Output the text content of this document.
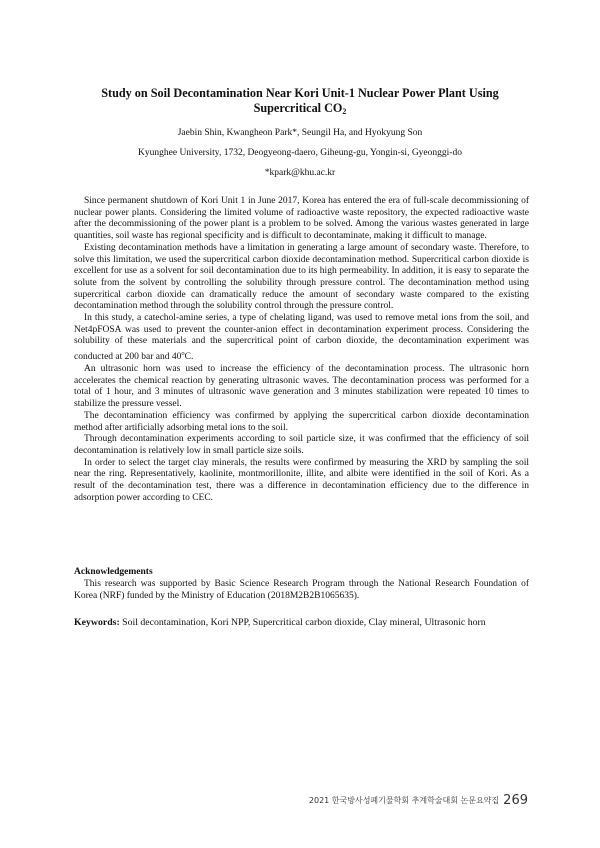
Study on Soil Decontamination Near Kori Unit-1 Nuclear Power Plant Using
Supercritical $CO_2$
Jaebin Shin, Kwangheon Park*, Seungil Ha, and Hyokyung Son
Kyunghee University, 1732, Deogyeong-daero, Giheung-gu, Yongin-si, Gyeonggi-do
*kpark@khu.ac.kr

Since permanent shutdown of Kori Unit 1 in June 2017, Korea has entered the era of full-scale decommissioning of nuclear power plants. Considering the limited volume of radioactive waste repository, the expected radioactive waste after the decommissioning of the power plant is a problem to be solved. Among the various wastes generated in large quantities, soil waste has regional specificity and is difficult to decontaminate, making it difficult to manage.

Existing decontamination methods have a limitation in generating a large amount of secondary waste. Therefore, to solve this limitation, we used the supercritical carbon dioxide decontamination method. Supercritical carbon dioxide is excellent for use as a solvent for soil decontamination due to its high permeability. In addition, it is easy to separate the solute from the solvent by controlling the solubility through pressure control. The decontamination method using supercritical carbon dioxide can dramatically reduce the amount of secondary waste compared to the existing decontamination method through the solubility control through the pressure control.

In this study, a catechol-amine series, a type of chelating ligand, was used to remove metal ions from the soil, and Net4pFOSA was used to prevent the counter-anion effect in decontamination experiment process. Considering the solubility of these materials and the supercritical point of carbon dioxide, the decontamination experiment was conducted at 200 bar and 40$^o$C.

An ultrasonic horn was used to increase the efficiency of the decontamination process. The ultrasonic horn accelerates the chemical reaction by generating ultrasonic waves. The decontamination process was performed for a total of 1 hour, and 3 minutes of ultrasonic wave generation and 3 minutes stabilization were repeated 10 times to stabilize the pressure vessel.

The decontamination efficiency was confirmed by applying the supercritical carbon dioxide decontamination method after artificially adsorbing metal ions to the soil.

Through decontamination experiments according to soil particle size, it was confirmed that the efficiency of soil decontamination is relatively low in small particle size soils.

In order to select the target clay minerals, the results were confirmed by measuring the XRD by sampling the soil near the ring. Representatively, kaolinite, montmorillonite, illite, and albite were identified in the soil of Kori. As a result of the decontamination test, there was a difference in decontamination efficiency due to the difference in adsorption power according to CEC.

Acknowledgements

This research was supported by Basic Science Research Program through the National Research Foundation of Korea (NRF) funded by the Ministry of Education (2018M2B2B1065635).

Keywords: Soil decontamination, Kori NPP, Supercritical carbon dioxide, Clay mineral, Ultrasonic horn

2021 한국방사성폐기물학회 추계학술대회 논문요약집 269
